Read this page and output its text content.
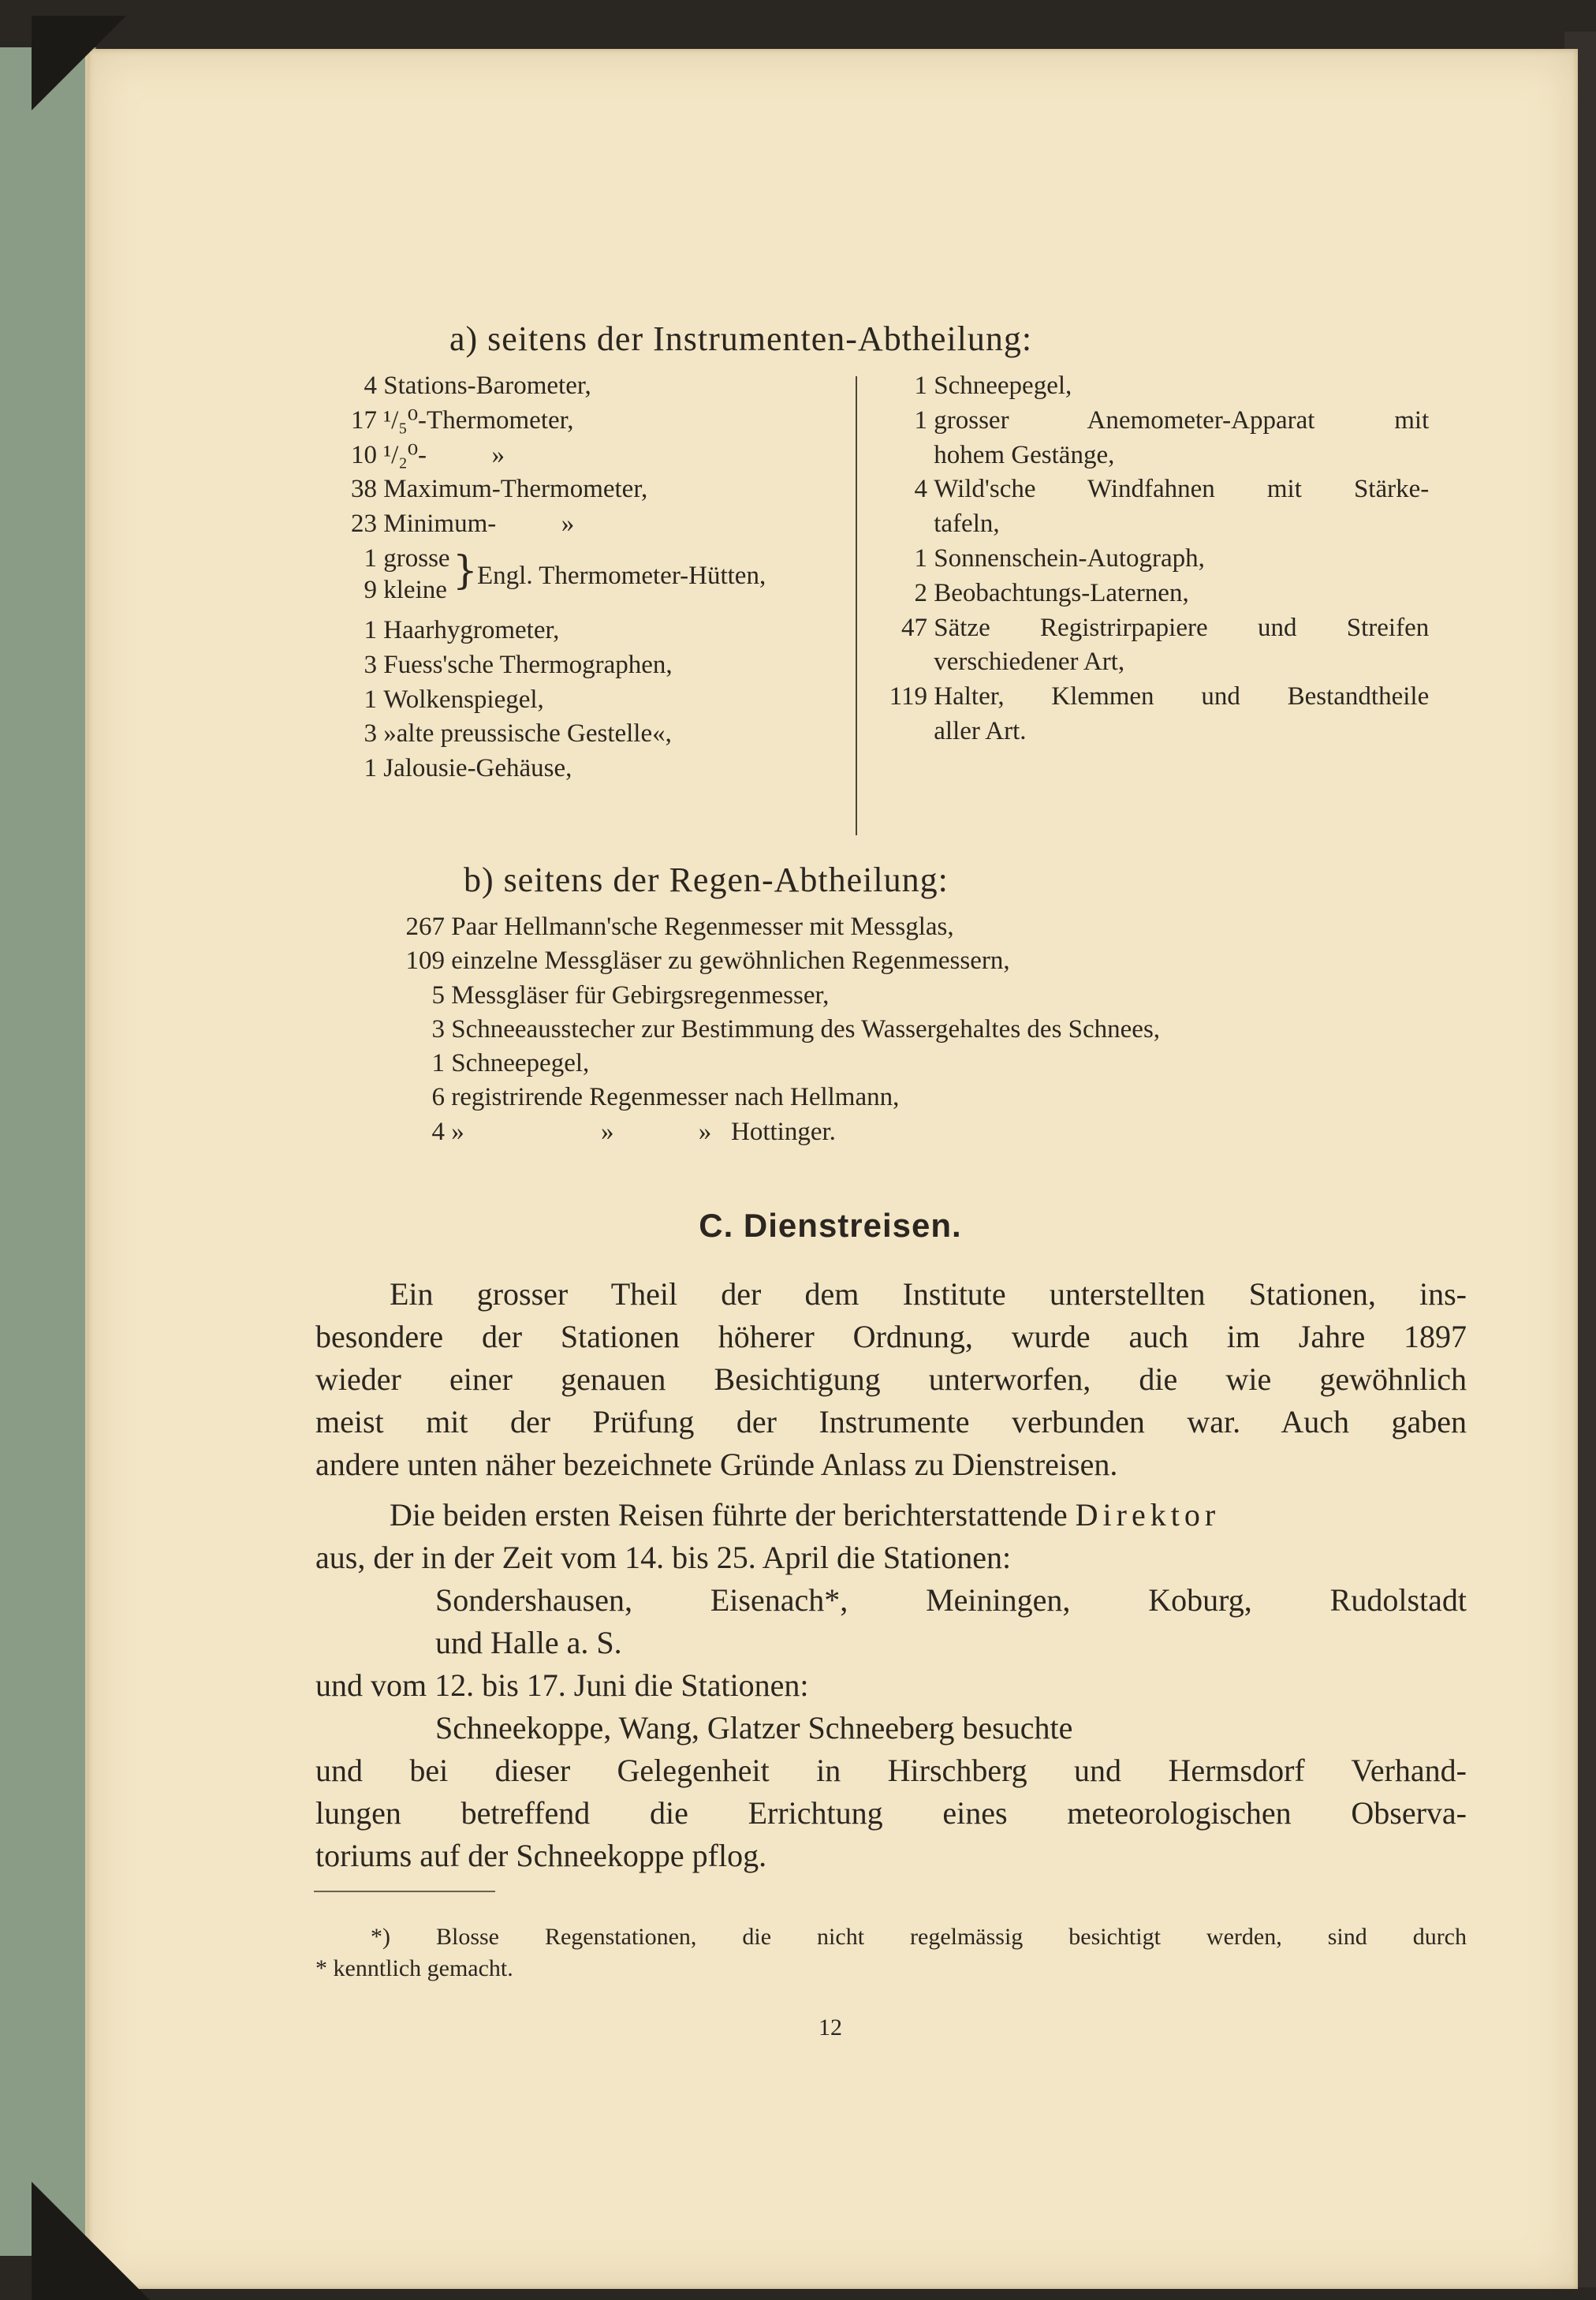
a) seitens der Instrumenten-Abtheilung:
4 Stations-Barometer,
17 ¹/₅⁰-Thermometer,
10 ¹/₂⁰-          »
38 Maximum-Thermometer,
23 Minimum-          »
1 grosse
9 kleine } Engl. Thermometer-Hütten,
1 Haarhygrometer,
3 Fuess'sche Thermographen,
1 Wolkenspiegel,
3 »alte preussische Gestelle«,
1 Jalousie-Gehäuse,
1 Schneepegel,
1 grosser Anemometer-Apparat mit
hohem Gestänge,
4 Wild'sche Windfahnen mit Stärke-
tafeln,
1 Sonnenschein-Autograph,
2 Beobachtungs-Laternen,
47 Sätze Registrirpapiere und Streifen
verschiedener Art,
119 Halter, Klemmen und Bestandtheile
aller Art.
b) seitens der Regen-Abtheilung:
267 Paar Hellmann'sche Regenmesser mit Messglas,
109 einzelne Messgläser zu gewöhnlichen Regenmessern,
5 Messgläser für Gebirgsregenmesser,
3 Schneeausstecher zur Bestimmung des Wassergehaltes des Schnees,
1 Schneepegel,
6 registrirende Regenmesser nach Hellmann,
4 »                     »             »   Hottinger.
C. Dienstreisen.
Ein grosser Theil der dem Institute unterstellten Stationen, ins-
besondere der Stationen höherer Ordnung, wurde auch im Jahre 1897
wieder einer genauen Besichtigung unterworfen, die wie gewöhnlich
meist mit der Prüfung der Instrumente verbunden war. Auch gaben
andere unten näher bezeichnete Gründe Anlass zu Dienstreisen.
Die beiden ersten Reisen führte der berichterstattende Direktor
aus, der in der Zeit vom 14. bis 25. April die Stationen:
Sondershausen, Eisenach*, Meiningen, Koburg, Rudolstadt
und Halle a. S.
und vom 12. bis 17. Juni die Stationen:
Schneekoppe, Wang, Glatzer Schneeberg besuchte
und bei dieser Gelegenheit in Hirschberg und Hermsdorf Verhand-
lungen betreffend die Errichtung eines meteorologischen Observa-
toriums auf der Schneekoppe pflog.
*) Blosse Regenstationen, die nicht regelmässig besichtigt werden, sind durch
* kenntlich gemacht.
12
